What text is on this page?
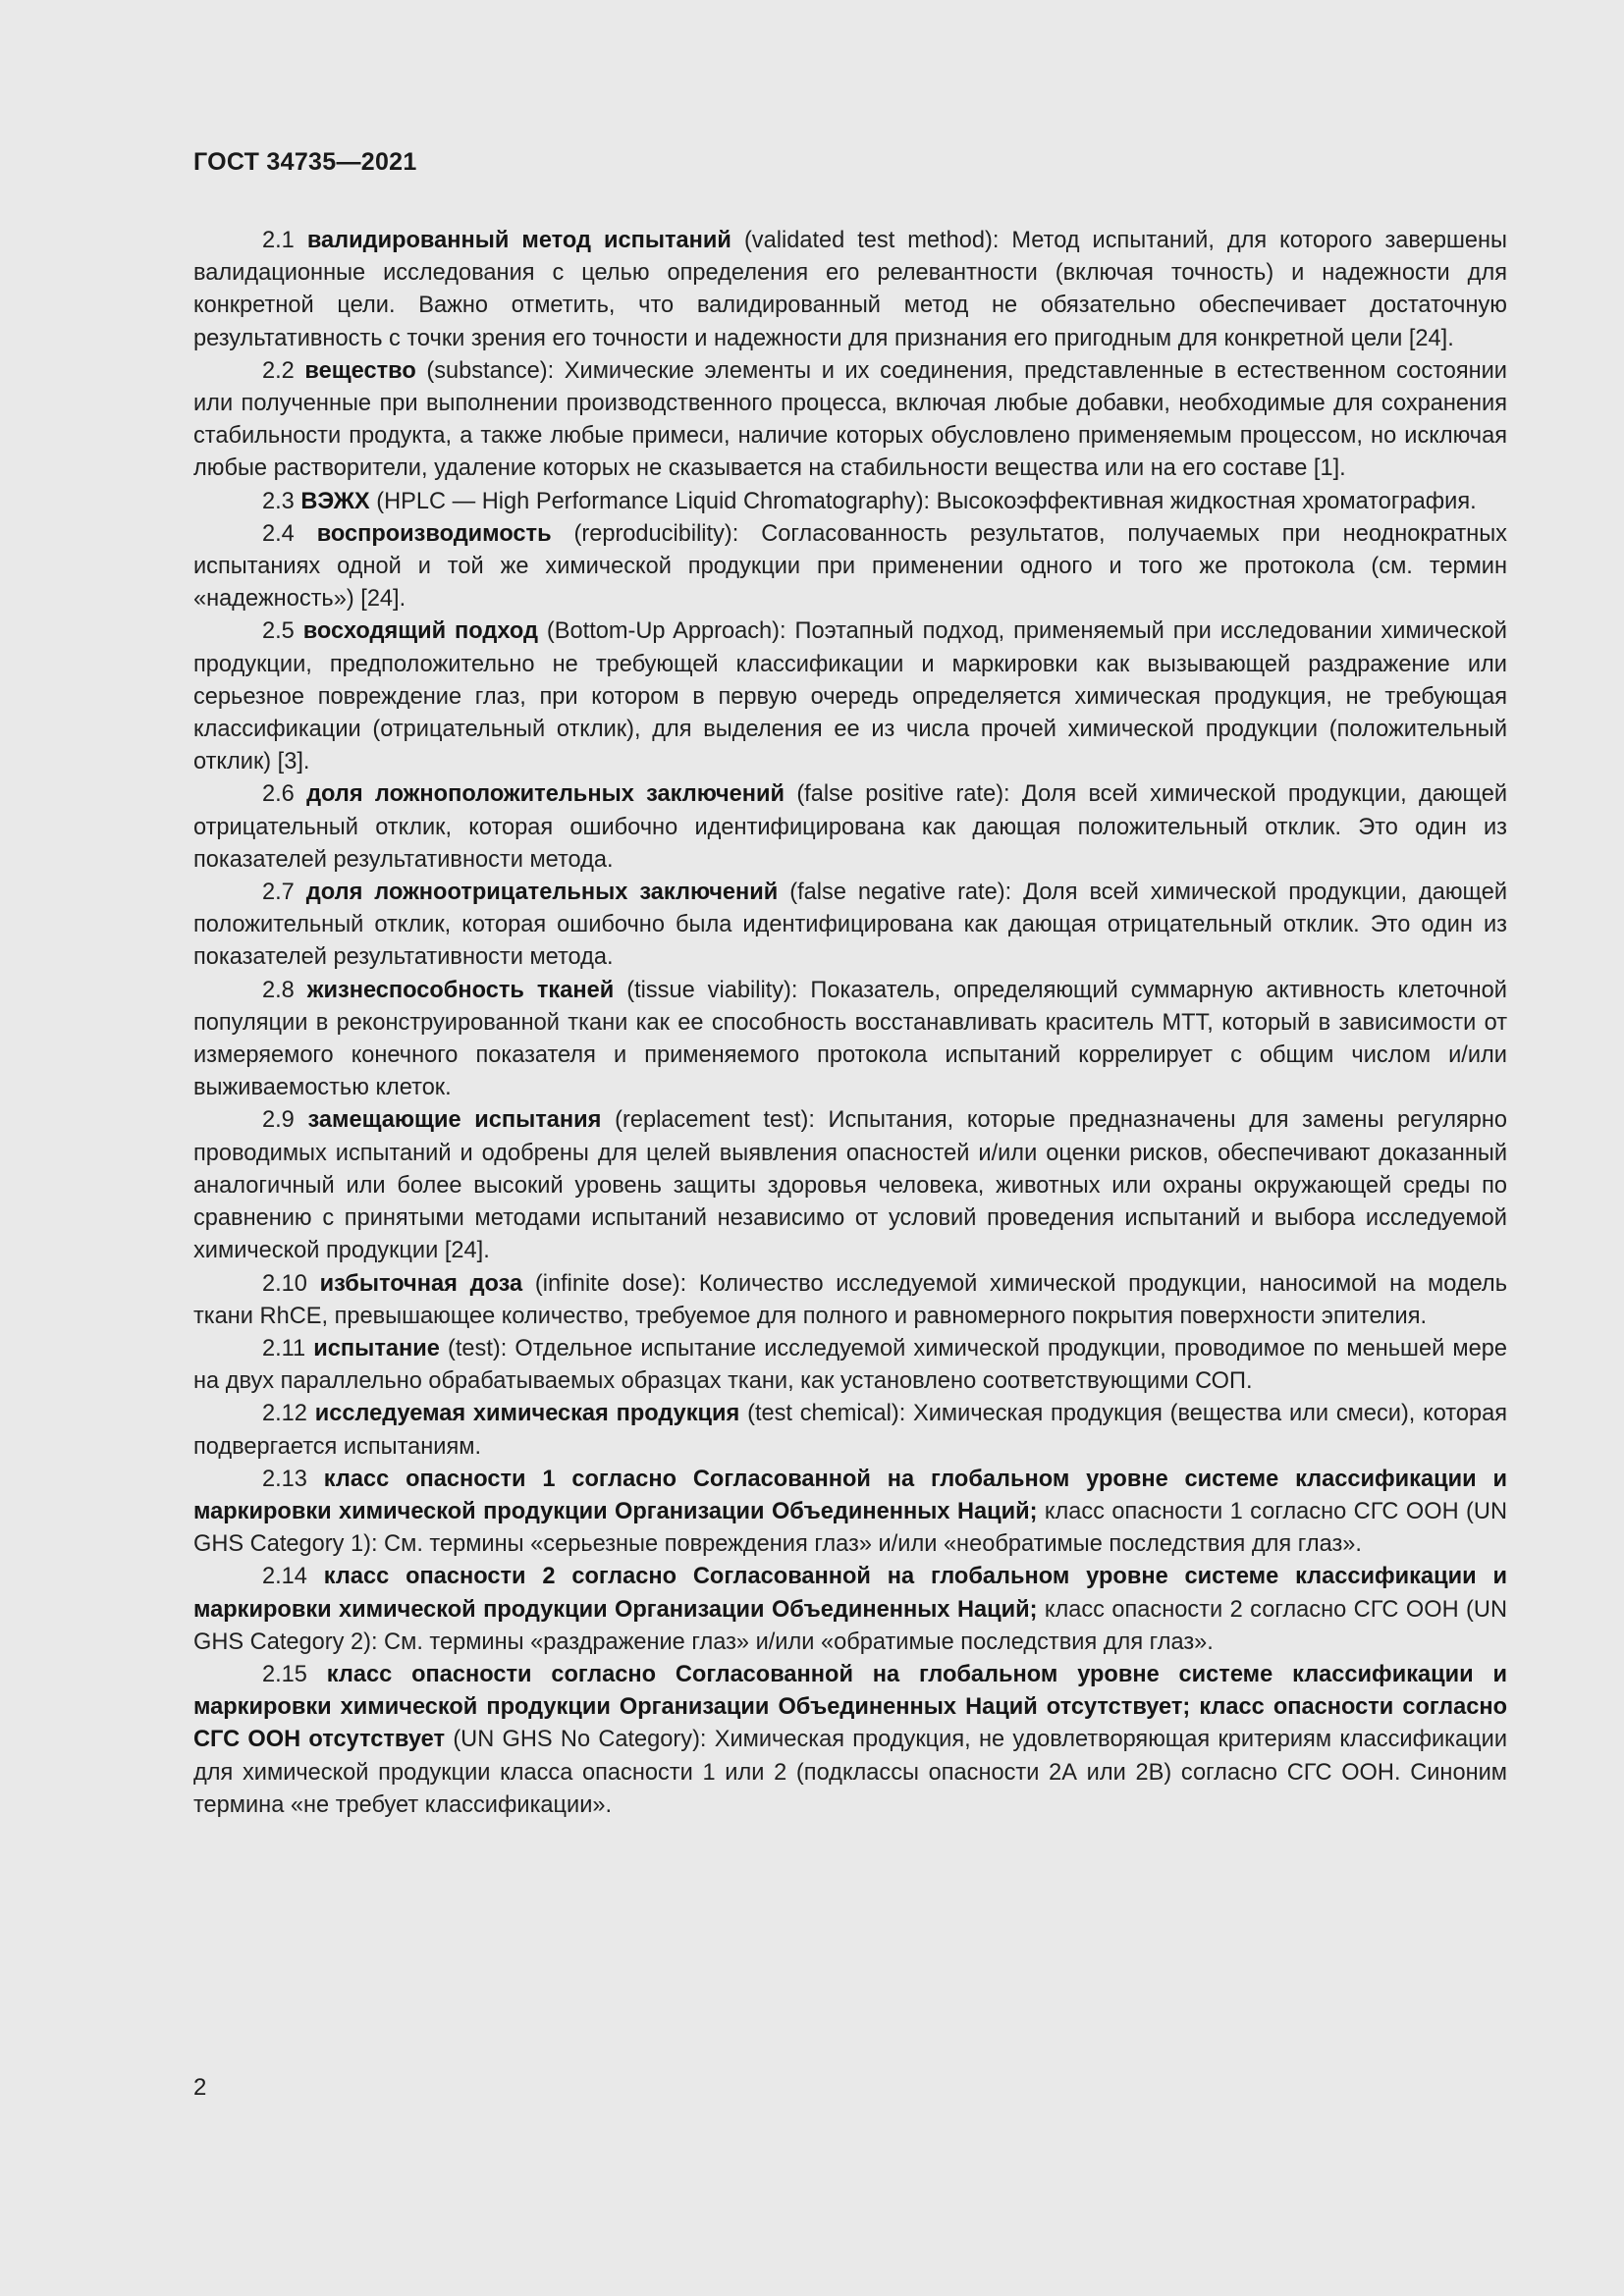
ГОСТ 34735—2021

2.1 валидированный метод испытаний (validated test method): Метод испытаний, для которого завершены валидационные исследования с целью определения его релевантности (включая точность) и надежности для конкретной цели. Важно отметить, что валидированный метод не обязательно обеспечивает достаточную результативность с точки зрения его точности и надежности для признания его пригодным для конкретной цели [24].

2.2 вещество (substance): Химические элементы и их соединения, представленные в естественном состоянии или полученные при выполнении производственного процесса, включая любые добавки, необходимые для сохранения стабильности продукта, а также любые примеси, наличие которых обусловлено применяемым процессом, но исключая любые растворители, удаление которых не сказывается на стабильности вещества или на его составе [1].

2.3 ВЭЖХ (HPLC — High Performance Liquid Chromatography): Высокоэффективная жидкостная хроматография.

2.4 воспроизводимость (reproducibility): Согласованность результатов, получаемых при неоднократных испытаниях одной и той же химической продукции при применении одного и того же протокола (см. термин «надежность») [24].

2.5 восходящий подход (Bottom-Up Approach): Поэтапный подход, применяемый при исследовании химической продукции, предположительно не требующей классификации и маркировки как вызывающей раздражение или серьезное повреждение глаз, при котором в первую очередь определяется химическая продукция, не требующая классификации (отрицательный отклик), для выделения ее из числа прочей химической продукции (положительный отклик) [3].

2.6 доля ложноположительных заключений (false positive rate): Доля всей химической продукции, дающей отрицательный отклик, которая ошибочно идентифицирована как дающая положительный отклик. Это один из показателей результативности метода.

2.7 доля ложноотрицательных заключений (false negative rate): Доля всей химической продукции, дающей положительный отклик, которая ошибочно была идентифицирована как дающая отрицательный отклик. Это один из показателей результативности метода.

2.8 жизнеспособность тканей (tissue viability): Показатель, определяющий суммарную активность клеточной популяции в реконструированной ткани как ее способность восстанавливать краситель МТТ, который в зависимости от измеряемого конечного показателя и применяемого протокола испытаний коррелирует с общим числом и/или выживаемостью клеток.

2.9 замещающие испытания (replacement test): Испытания, которые предназначены для замены регулярно проводимых испытаний и одобрены для целей выявления опасностей и/или оценки рисков, обеспечивают доказанный аналогичный или более высокий уровень защиты здоровья человека, животных или охраны окружающей среды по сравнению с принятыми методами испытаний независимо от условий проведения испытаний и выбора исследуемой химической продукции [24].

2.10 избыточная доза (infinite dose): Количество исследуемой химической продукции, наносимой на модель ткани RhCE, превышающее количество, требуемое для полного и равномерного покрытия поверхности эпителия.

2.11 испытание (test): Отдельное испытание исследуемой химической продукции, проводимое по меньшей мере на двух параллельно обрабатываемых образцах ткани, как установлено соответствующими СОП.

2.12 исследуемая химическая продукция (test chemical): Химическая продукция (вещества или смеси), которая подвергается испытаниям.

2.13 класс опасности 1 согласно Согласованной на глобальном уровне системе классификации и маркировки химической продукции Организации Объединенных Наций; класс опасности 1 согласно СГС ООН (UN GHS Category 1): См. термины «серьезные повреждения глаз» и/или «необратимые последствия для глаз».

2.14 класс опасности 2 согласно Согласованной на глобальном уровне системе классификации и маркировки химической продукции Организации Объединенных Наций; класс опасности 2 согласно СГС ООН (UN GHS Category 2): См. термины «раздражение глаз» и/или «обратимые последствия для глаз».

2.15 класс опасности согласно Согласованной на глобальном уровне системе классификации и маркировки химической продукции Организации Объединенных Наций отсутствует; класс опасности согласно СГС ООН отсутствует (UN GHS No Category): Химическая продукция, не удовлетворяющая критериям классификации для химической продукции класса опасности 1 или 2 (подклассы опасности 2А или 2В) согласно СГС ООН. Синоним термина «не требует классификации».

2
